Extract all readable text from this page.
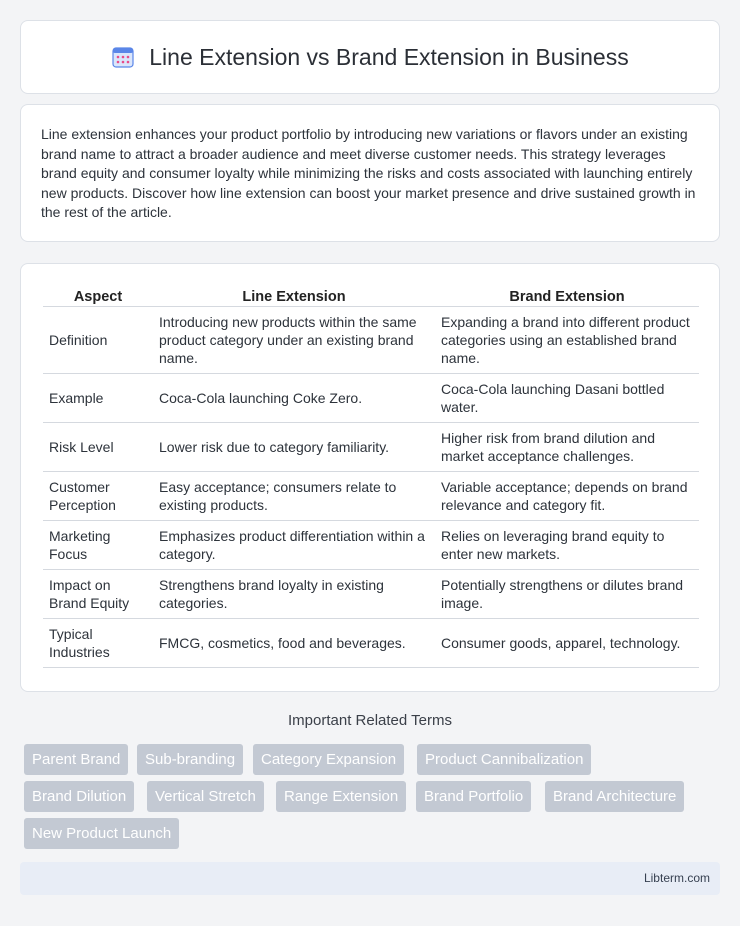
Line Extension vs Brand Extension in Business

Line extension enhances your product portfolio by introducing new variations or flavors under an existing brand name to attract a broader audience and meet diverse customer needs. This strategy leverages brand equity and consumer loyalty while minimizing the risks and costs associated with launching entirely new products. Discover how line extension can boost your market presence and drive sustained growth in the rest of the article.

Aspect	Line Extension	Brand Extension
Definition	Introducing new products within the same product category under an existing brand name.	Expanding a brand into different product categories using an established brand name.
Example	Coca-Cola launching Coke Zero.	Coca-Cola launching Dasani bottled water.
Risk Level	Lower risk due to category familiarity.	Higher risk from brand dilution and market acceptance challenges.
Customer Perception	Easy acceptance; consumers relate to existing products.	Variable acceptance; depends on brand relevance and category fit.
Marketing Focus	Emphasizes product differentiation within a category.	Relies on leveraging brand equity to enter new markets.
Impact on Brand Equity	Strengthens brand loyalty in existing categories.	Potentially strengthens or dilutes brand image.
Typical Industries	FMCG, cosmetics, food and beverages.	Consumer goods, apparel, technology.
Important Related Terms
Parent Brand	Sub-branding	Category Expansion	Product Cannibalization
Brand Dilution	Vertical Stretch	Range Extension	Brand Portfolio	Brand Architecture
New Product Launch
Libterm.com
